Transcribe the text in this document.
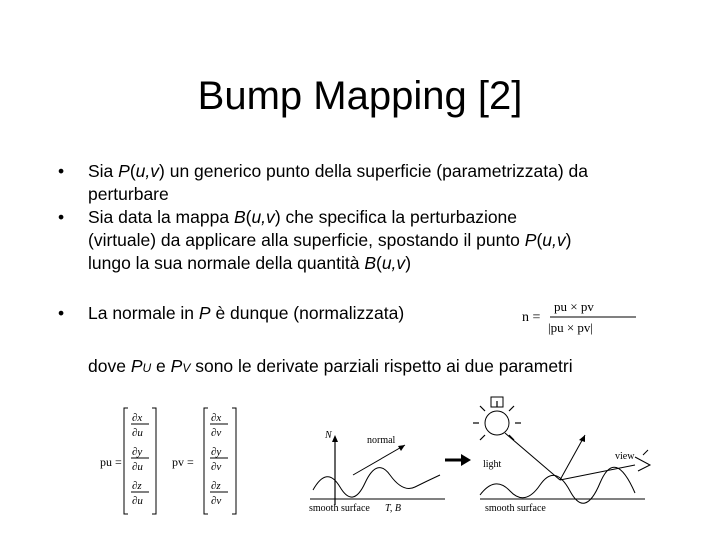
Bump Mapping [2]
• Sia P(u,v) un generico punto della superficie (parametrizzata) da
perturbare
• Sia data la mappa B(u,v) che specifica la perturbazione
(virtuale) da applicare alla superficie, spostando il punto P(u,v)
lungo la sua normale della quantità B(u,v)
• La normale in P è dunque (normalizzata)	n =
pu × pv
|pu × pv|
dove PU e PV sono le derivate parziali rispetto ai due parametri
pu =
∂x
∂u
∂y
∂u
∂z
∂u
pv =
∂x
∂v
∂y
∂v
∂z
∂v
N	normal
smooth surface T, B
light
view
smooth surface
